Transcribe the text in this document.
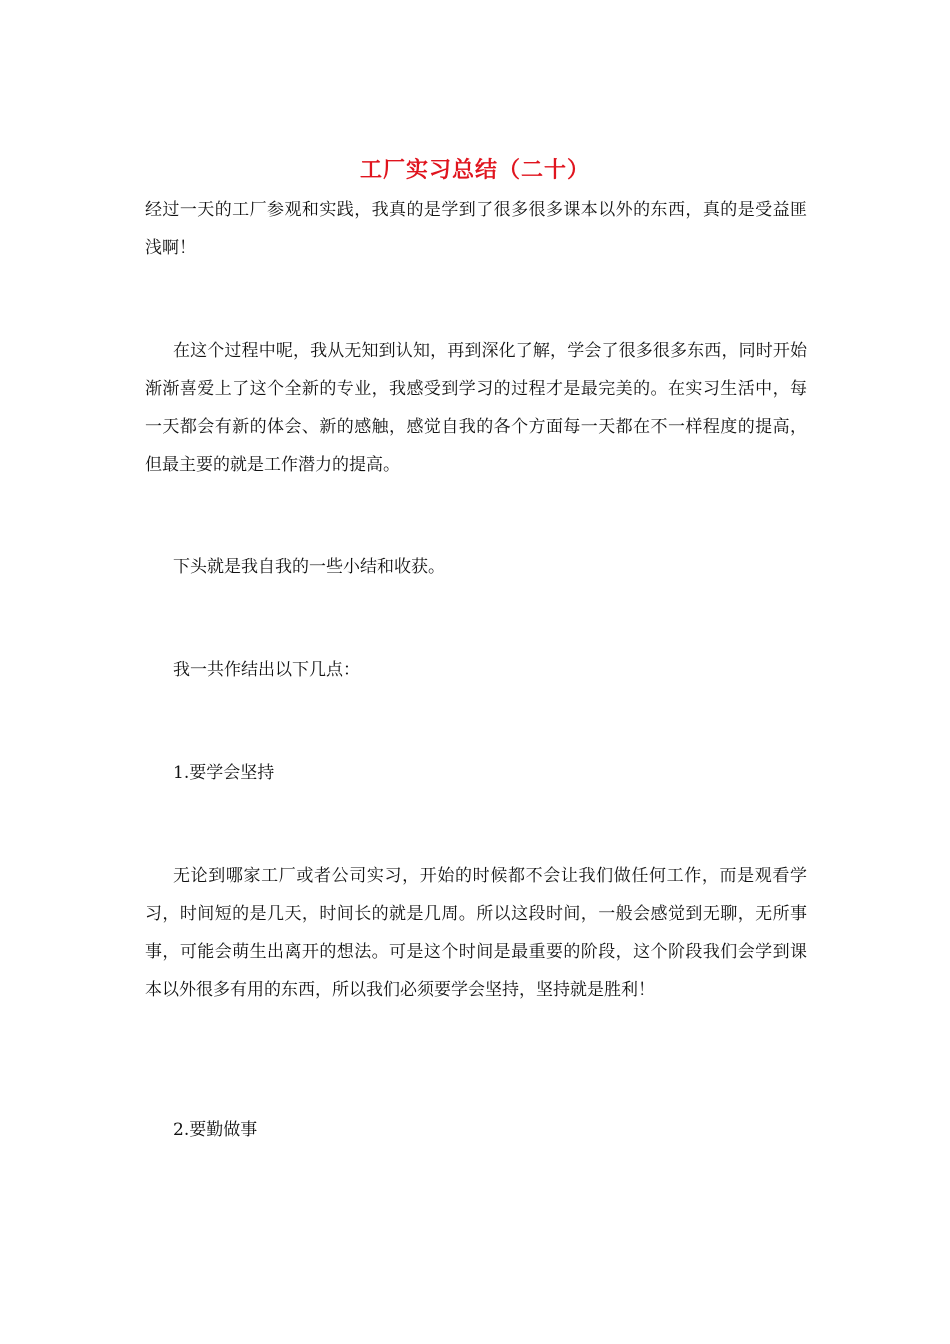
工厂实习总结（二十）

经过一天的工厂参观和实践，我真的是学到了很多很多课本以外的东西，真的是受益匪浅啊！

在这个过程中呢，我从无知到认知，再到深化了解，学会了很多很多东西，同时开始渐渐喜爱上了这个全新的专业，我感受到学习的过程才是最完美的。在实习生活中，每一天都会有新的体会、新的感触，感觉自我的各个方面每一天都在不一样程度的提高，但最主要的就是工作潜力的提高。

下头就是我自我的一些小结和收获。

我一共作结出以下几点：

1.要学会坚持

无论到哪家工厂或者公司实习，开始的时候都不会让我们做任何工作，而是观看学习，时间短的是几天，时间长的就是几周。所以这段时间，一般会感觉到无聊，无所事事，可能会萌生出离开的想法。可是这个时间是最重要的阶段，这个阶段我们会学到课本以外很多有用的东西，所以我们必须要学会坚持，坚持就是胜利！

2.要勤做事
